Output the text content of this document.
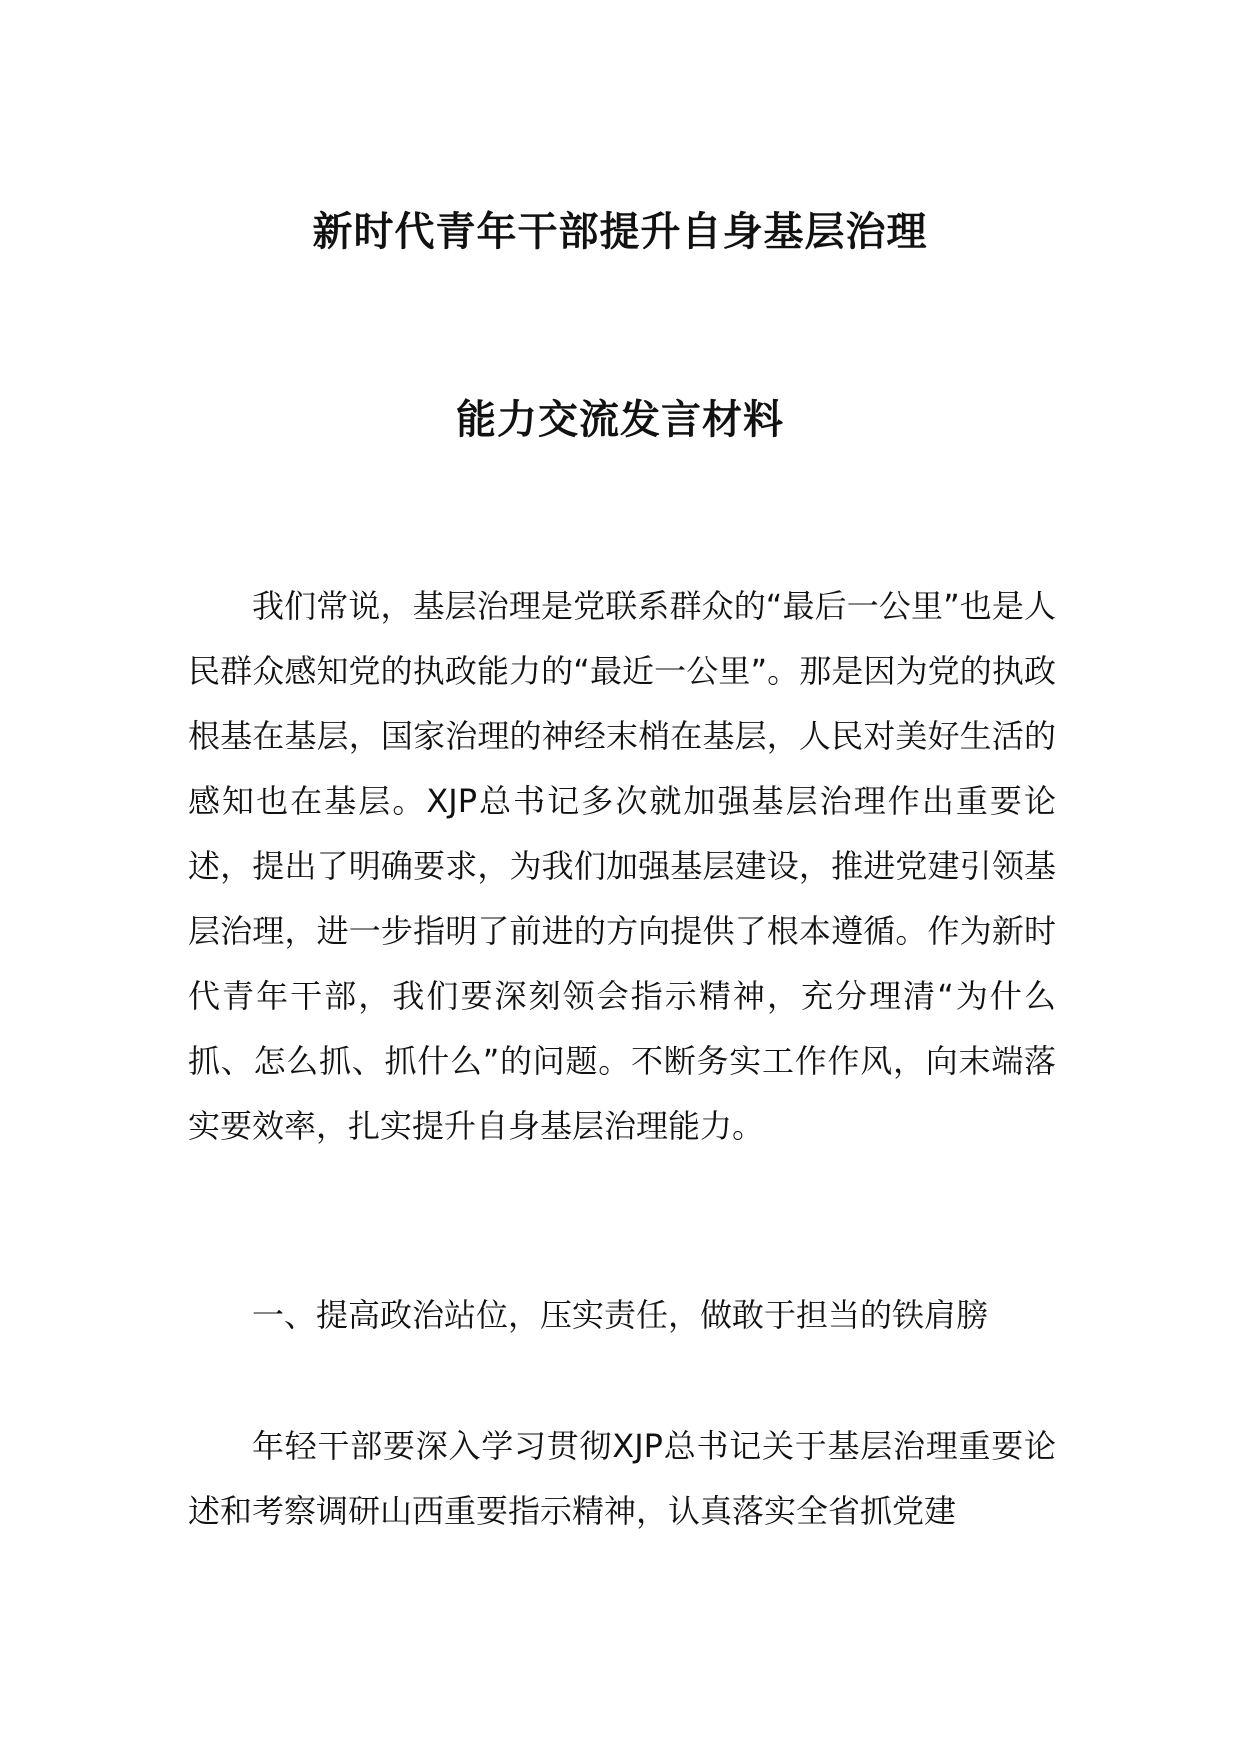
新时代青年干部提升自身基层治理
能力交流发言材料

我们常说，基层治理是党联系群众的“最后一公里”也是人民群众感知党的执政能力的“最近一公里”。那是因为党的执政根基在基层，国家治理的神经末梢在基层，人民对美好生活的感知也在基层。XJP总书记多次就加强基层治理作出重要论述，提出了明确要求，为我们加强基层建设，推进党建引领基层治理，进一步指明了前进的方向提供了根本遵循。作为新时代青年干部，我们要深刻领会指示精神，充分理清“为什么抓、怎么抓、抓什么”的问题。不断务实工作作风，向末端落实要效率，扎实提升自身基层治理能力。

一、提高政治站位，压实责任，做敢于担当的铁肩膀

年轻干部要深入学习贯彻XJP总书记关于基层治理重要论述和考察调研山西重要指示精神，认真落实全省抓党建
